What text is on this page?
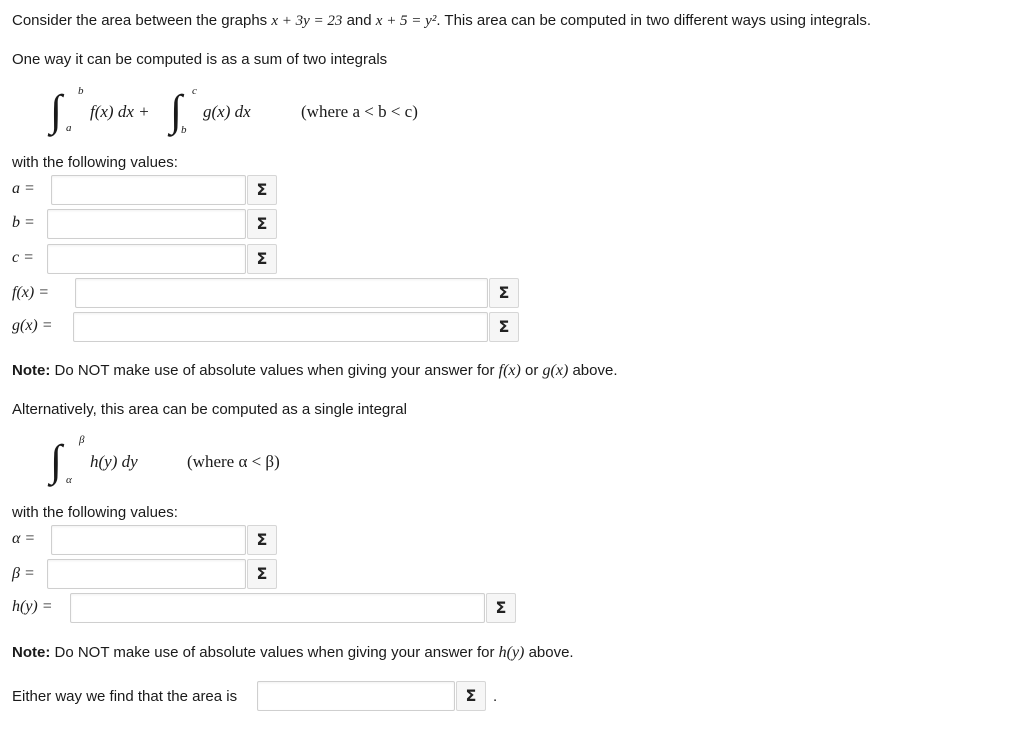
Consider the area between the graphs x + 3y = 23 and x + 5 = y². This area can be computed in two different ways using integrals.
One way it can be computed is as a sum of two integrals
∫ b
a
f(x) dx + ∫ c
b
g(x) dx	(where a < b < c)
with the following values:
a =	Σ
b =	Σ
c =	Σ
f(x) =	Σ
g(x) =	Σ
Note: Do NOT make use of absolute values when giving your answer for f(x) or g(x) above.
Alternatively, this area can be computed as a single integral
∫ β
α
h(y) dy	(where α < β)
with the following values:
α =	Σ
β =	Σ
h(y) =	Σ
Note: Do NOT make use of absolute values when giving your answer for h(y) above.
Either way we find that the area is	Σ	.
